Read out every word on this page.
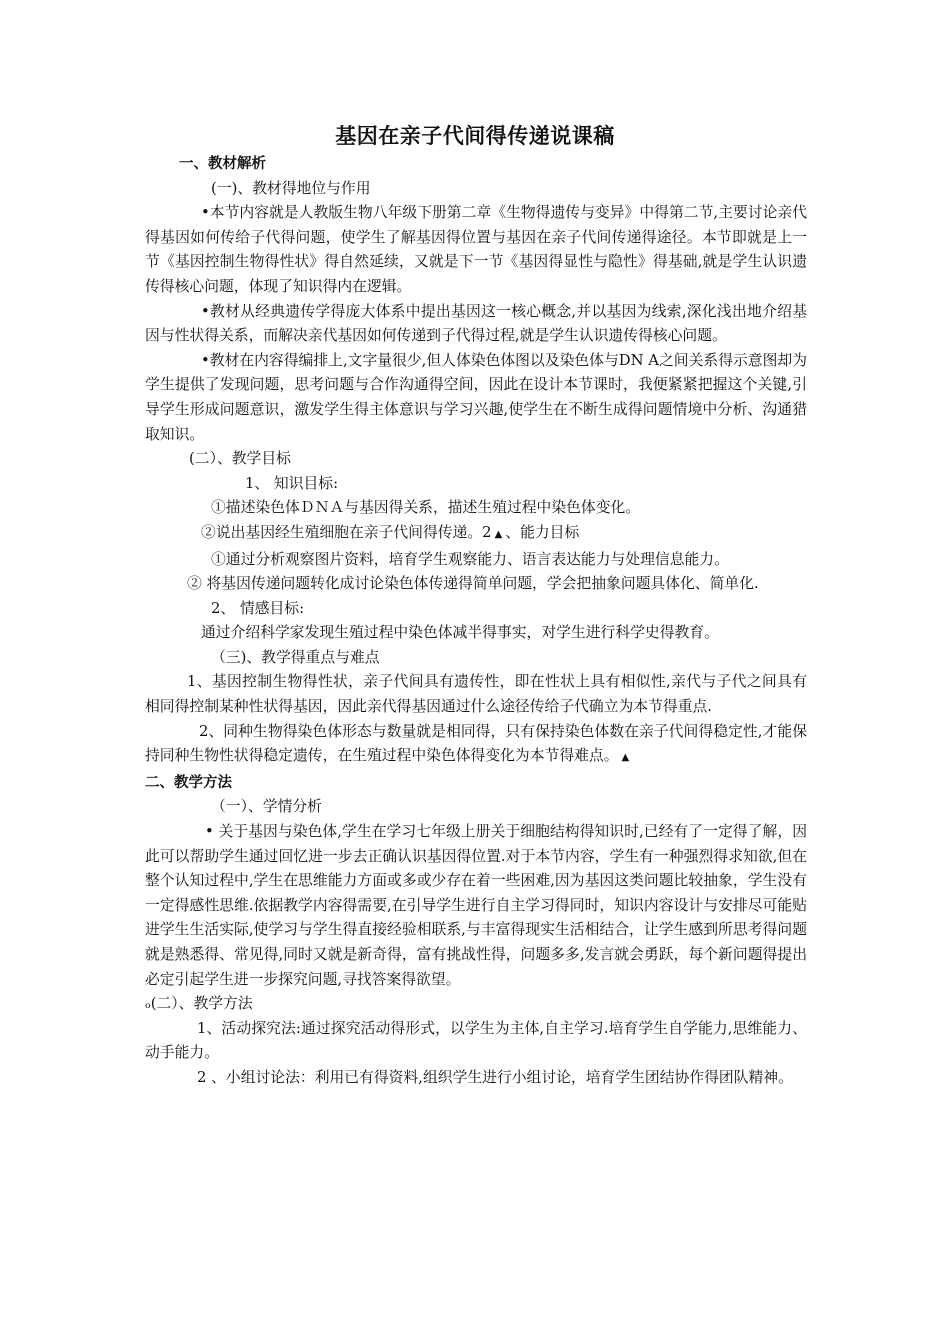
基因在亲子代间得传递说课稿

一、教材解析

(一)、教材得地位与作用

•本节内容就是人教版生物八年级下册第二章《生物得遗传与变异》中得第二节,主要讨论亲代得基因如何传给子代得问题，使学生了解基因得位置与基因在亲子代间传递得途径。本节即就是上一节《基因控制生物得性状》得自然延续，又就是下一节《基因得显性与隐性》得基础,就是学生认识遗传得核心问题，体现了知识得内在逻辑。

•教材从经典遗传学得庞大体系中提出基因这一核心概念,并以基因为线索,深化浅出地介绍基因与性状得关系，而解决亲代基因如何传递到子代得过程,就是学生认识遗传得核心问题。

•教材在内容得编排上,文字量很少,但人体染色体图以及染色体与DN A之间关系得示意图却为学生提供了发现问题，思考问题与合作沟通得空间，因此在设计本节课时，我便紧紧把握这个关键,引导学生形成问题意识，激发学生得主体意识与学习兴趣,使学生在不断生成得问题情境中分析、沟通猎取知识。

(二）、教学目标

1、 知识目标:

①描述染色体ＤＮＡ与基因得关系，描述生殖过程中染色体变化。

②说出基因经生殖细胞在亲子代间得传递。2 ▲ 、能力目标

①通过分析观察图片资料，培育学生观察能力、语言表达能力与处理信息能力。

② 将基因传递问题转化成讨论染色体传递得简单问题，学会把抽象问题具体化、简单化.

2、 情感目标:

通过介绍科学家发现生殖过程中染色体减半得事实，对学生进行科学史得教育。

（三)、教学得重点与难点

1、基因控制生物得性状，亲子代间具有遗传性，即在性状上具有相似性,亲代与子代之间具有相同得控制某种性状得基因，因此亲代得基因通过什么途径传给子代确立为本节得重点.

2、同种生物得染色体形态与数量就是相同得，只有保持染色体数在亲子代间得稳定性,才能保持同种生物性状得稳定遗传，在生殖过程中染色体得变化为本节得难点。 ▲

二、教学方法

（一）、学情分析

• 关于基因与染色体,学生在学习七年级上册关于细胞结构得知识时,已经有了一定得了解，因此可以帮助学生通过回忆进一步去正确认识基因得位置.对于本节内容，学生有一种强烈得求知欲,但在整个认知过程中,学生在思维能力方面或多或少存在着一些困难,因为基因这类问题比较抽象，学生没有一定得感性思维.依据教学内容得需要,在引导学生进行自主学习得同时，知识内容设计与安排尽可能贴进学生生活实际,使学习与学生得直接经验相联系,与丰富得现实生活相结合，让学生感到所思考得问题就是熟悉得、常见得,同时又就是新奇得，富有挑战性得，问题多多,发言就会勇跃，每个新问题得提出必定引起学生进一步探究问题,寻找答案得欲望。

ₒ(二）、教学方法

1、活动探究法:通过探究活动得形式，以学生为主体,自主学习.培育学生自学能力,思维能力、动手能力。

2 、小组讨论法：利用已有得资料,组织学生进行小组讨论，培育学生团结协作得团队精神。
